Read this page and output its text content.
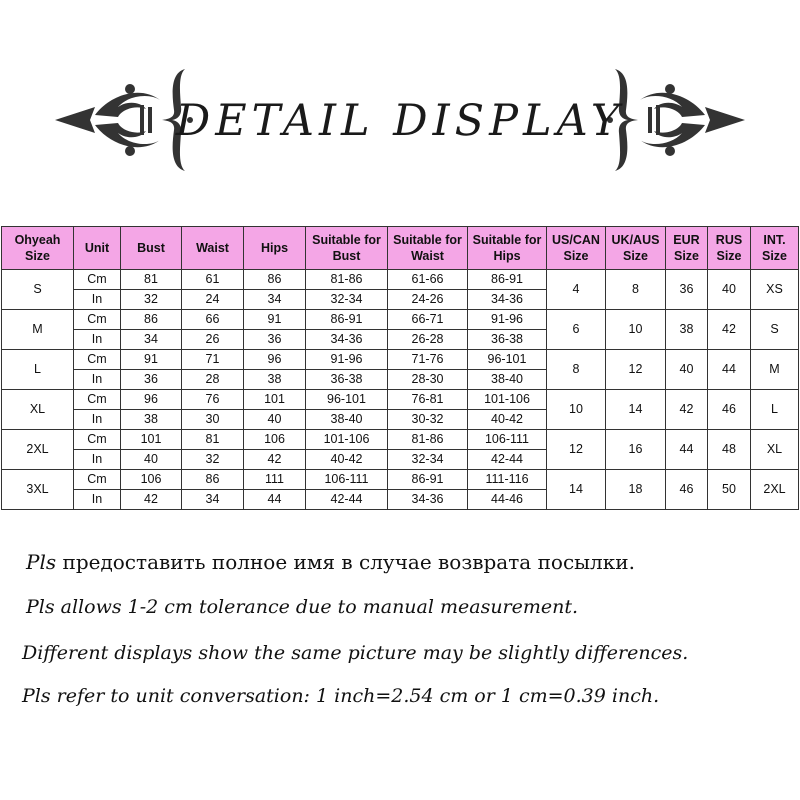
DETAIL DISPLAY
Ohyeah Size	Unit	Bust	Waist	Hips	Suitable for Bust	Suitable for Waist	Suitable for Hips	US/CAN Size	UK/AUS Size	EUR Size	RUS Size	INT. Size
S	Cm	81	61	86	81-86	61-66	86-91	4	8	36	40	XS
	In	32	24	34	32-34	24-26	34-36					
M	Cm	86	66	91	86-91	66-71	91-96	6	10	38	42	S
	In	34	26	36	34-36	26-28	36-38					
L	Cm	91	71	96	91-96	71-76	96-101	8	12	40	44	M
	In	36	28	38	36-38	28-30	38-40					
XL	Cm	96	76	101	96-101	76-81	101-106	10	14	42	46	L
	In	38	30	40	38-40	30-32	40-42					
2XL	Cm	101	81	106	101-106	81-86	106-111	12	16	44	48	XL
	In	40	32	42	40-42	32-34	42-44					
3XL	Cm	106	86	111	106-111	86-91	111-116	14	18	46	50	2XL
	In	42	34	44	42-44	34-36	44-46					
Pls предоставить полное имя в случае возврата посылки.
Pls allows 1-2 cm tolerance due to manual measurement.
Different displays show the same picture may be slightly differences.
Pls refer to unit conversation: 1 inch=2.54 cm or 1 cm=0.39 inch.
